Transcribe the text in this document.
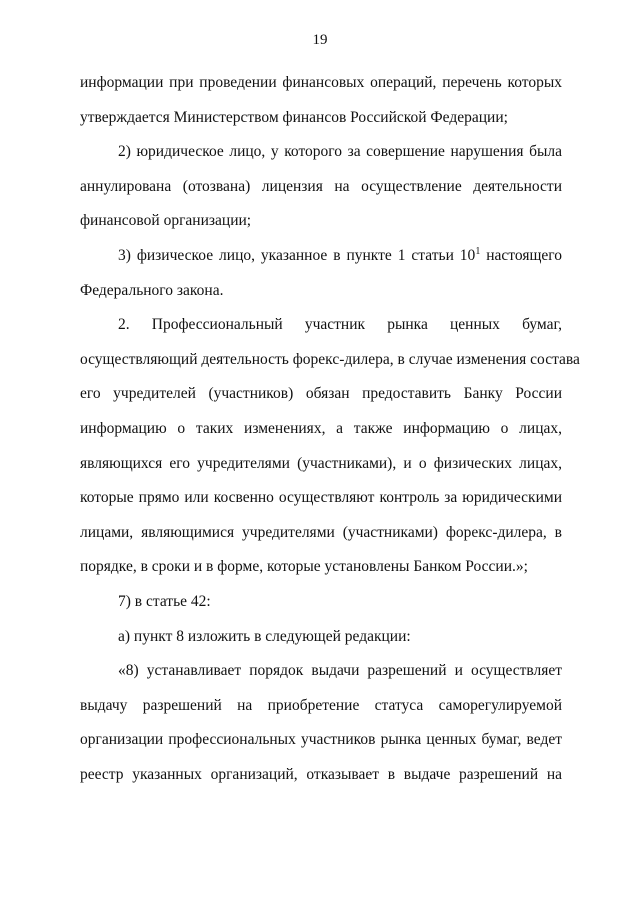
19
информации при проведении финансовых операций, перечень которых
утверждается Министерством финансов Российской Федерации;
2) юридическое лицо, у которого за совершение нарушения была
аннулирована (отозвана) лицензия на осуществление деятельности
финансовой организации;
3) физическое лицо, указанное в пункте 1 статьи $10^1$ настоящего
Федерального закона.
2. Профессиональный участник рынка ценных бумаг,
осуществляющий деятельность форекс-дилера, в случае изменения состава
его учредителей (участников) обязан предоставить Банку России
информацию о таких изменениях, а также информацию о лицах,
являющихся его учредителями (участниками), и о физических лицах,
которые прямо или косвенно осуществляют контроль за юридическими
лицами, являющимися учредителями (участниками) форекс-дилера, в
порядке, в сроки и в форме, которые установлены Банком России.»;
7) в статье 42:
а) пункт 8 изложить в следующей редакции:
«8) устанавливает порядок выдачи разрешений и осуществляет
выдачу разрешений на приобретение статуса саморегулируемой
организации профессиональных участников рынка ценных бумаг, ведет
реестр указанных организаций, отказывает в выдаче разрешений на
